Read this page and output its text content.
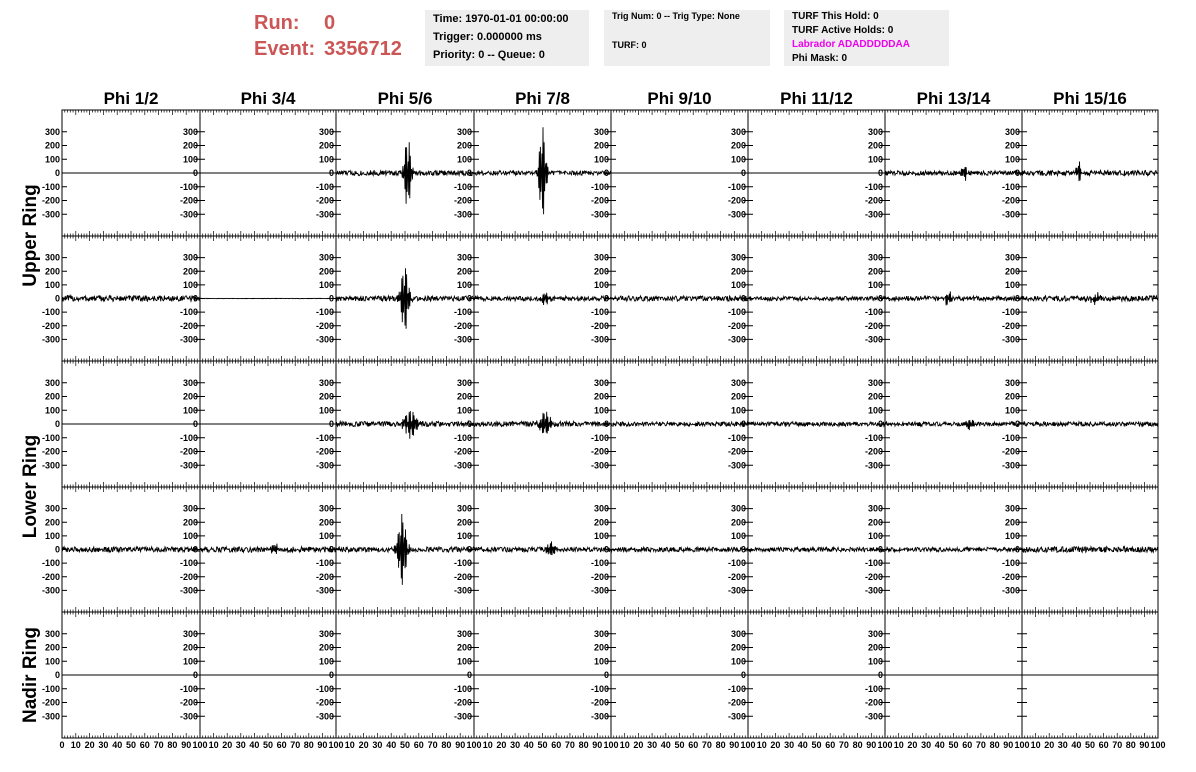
Run: 0
Event: 3356712
Time: 1970-01-01 00:00:00
Trigger: 0.000000 ms
Priority: 0 -- Queue: 0
Trig Num: 0 -- Trig Type: None
TURF: 0
TURF This Hold: 0
TURF Active Holds: 0
Labrador ADADDDDDAA
Phi Mask: 0
Phi 1/2	Phi 3/4	Phi 5/6	Phi 7/8	Phi 9/10	Phi 11/12	Phi 13/14	Phi 15/16
Upper Ring
Lower Ring
Nadir Ring
300
200
100
0
-100
-200
-300
300
200
100
0
-100
-200
-300
300
200
100
0
-100
-200
-300
300
200
100
0
-100
-200
-300
300
200
100
0
-100
-200
-300
300
200
100
0
-100
-200
-300
300
200
100
0
-100
-200
-300
300
200
100
0
-100
-200
-300
300
200
100
0
-100
-200
-300
300
200
100
0
-100
-200
-300
300
200
100
0
-100
-200
-300
300
200
100
0
-100
-200
-300
300
200
100
0
-100
-200
-300
300
200
100
0
-100
-200
-300
300
200
100
0
-100
-200
-300
300
200
100
0
-100
-200
-300
300
200
100
0
-100
-200
-300
300
200
100
0
-100
-200
-300
300
200
100
0
-100
-200
-300
300
200
100
0
-100
-200
-300
300
200
100
0
-100
-200
-300
300
200
100
0
-100
-200
-300
300
200
100
0
-100
-200
-300
300
200
100
0
-100
-200
-300
300
200
100
0
-100
-200
-300
300
200
100
0
-100
-200
-300
300
200
100
0
-100
-200
-300
300
200
100
0
-100
-200
-300
300
200
100
0
-100
-200
-300
300
200
100
0
-100
-200
-300
300
200
100
0
-100
-200
-300
300
200
100
0
-100
-200
-300
300
200
100
0
-100
-200
-300
300
200
100
0
-100
-200
-300
300
200
100
0
-100
-200
-300
300
200
100
0
-100
-200
-300
300
200
100
0
-100
-200
-300
300
200
100
0
-100
-200
-300
300
200
100
0
-100
-200
-300
0 10 20 30 40 50 60 70 80 90 100 10 20 30 40 50 60 70 80 90 100 10 20 30 40 50 60 70 80 90 100 10 20 30 40 50 60 70 80 90 100 10 20 30 40 50 60 70 80 90 100 10 20 30 40 50 60 70 80 90 100 10 20 30 40 50 60 70 80 90 100 10 20 30 40 50 60 70 80 90 100
